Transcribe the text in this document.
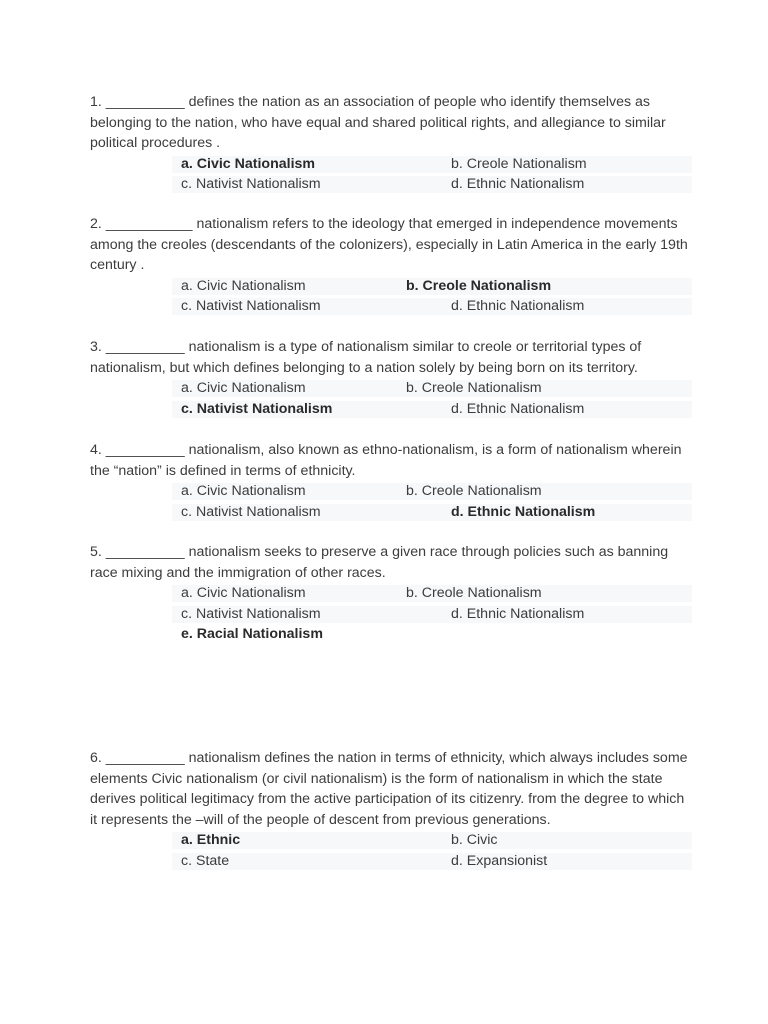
1. __________ defines the nation as an association of people who identify themselves as belonging to the nation, who have equal and shared political rights, and allegiance to similar political procedures .

a. Civic Nationalism	b. Creole Nationalism
c. Nativist Nationalism	d. Ethnic Nationalism

2. ___________ nationalism refers to the ideology that emerged in independence movements among the creoles (descendants of the colonizers), especially in Latin America in the early 19th century .

a. Civic Nationalism	b. Creole Nationalism
c. Nativist Nationalism	d. Ethnic Nationalism

3. __________ nationalism is a type of nationalism similar to creole or territorial types of nationalism, but which defines belonging to a nation solely by being born on its territory.

a. Civic Nationalism	b. Creole Nationalism
c. Nativist Nationalism	d. Ethnic Nationalism

4. __________ nationalism, also known as ethno-nationalism, is a form of nationalism wherein the “nation” is defined in terms of ethnicity.

a. Civic Nationalism	b. Creole Nationalism
c. Nativist Nationalism	d. Ethnic Nationalism

5. __________ nationalism seeks to preserve a given race through policies such as banning race mixing and the immigration of other races.

a. Civic Nationalism	b. Creole Nationalism
c. Nativist Nationalism	d. Ethnic Nationalism
e. Racial Nationalism

6. __________ nationalism defines the nation in terms of ethnicity, which always includes some elements Civic nationalism (or civil nationalism) is the form of nationalism in which the state derives political legitimacy from the active participation of its citizenry. from the degree to which it represents the –will of the people of descent from previous generations.

a. Ethnic	b. Civic
c. State	d. Expansionist
